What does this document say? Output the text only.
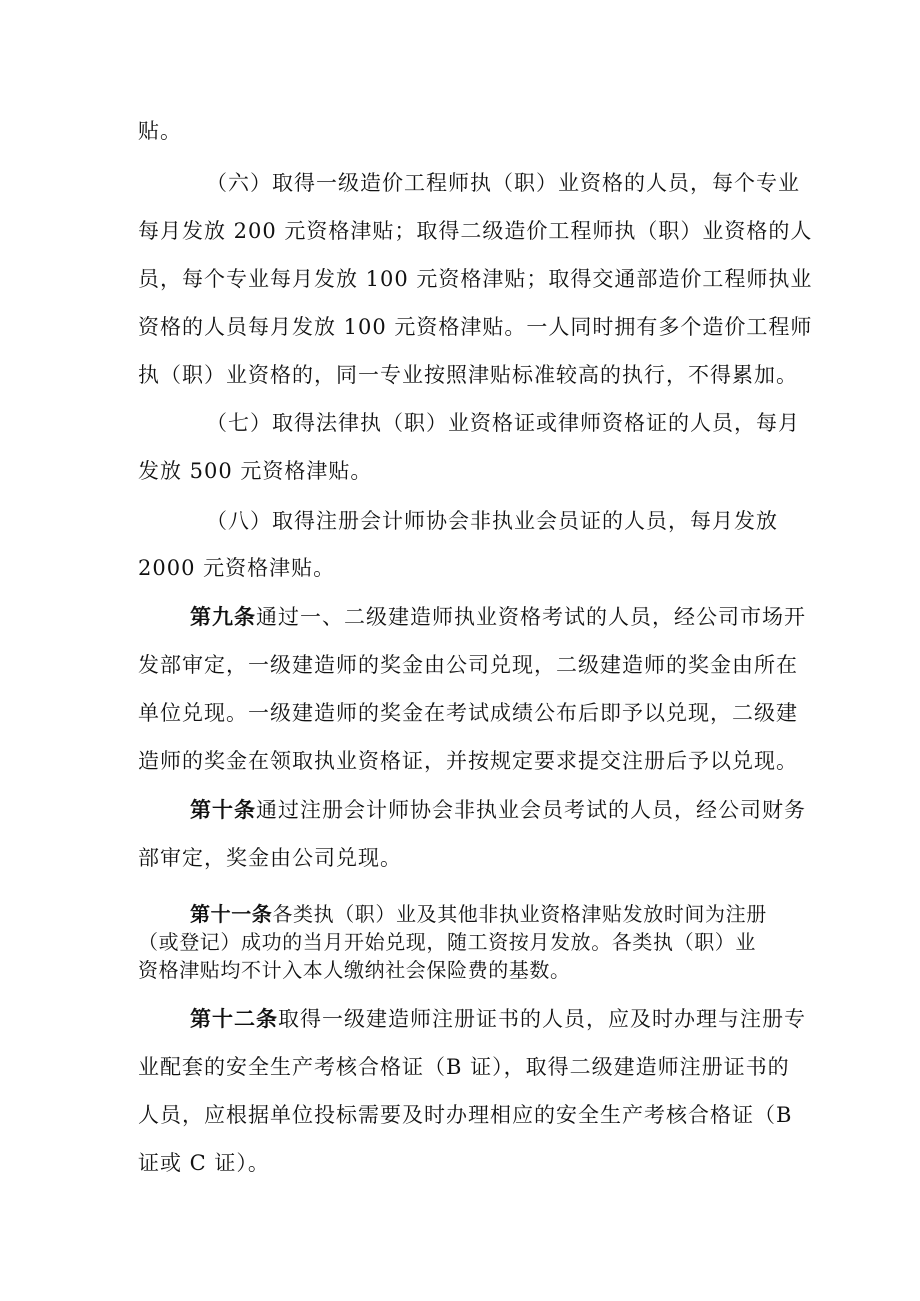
贴。
（六）取得一级造价工程师执（职）业资格的人员，每个专业
每月发放 200 元资格津贴；取得二级造价工程师执（职）业资格的人
员，每个专业每月发放 100 元资格津贴；取得交通部造价工程师执业
资格的人员每月发放 100 元资格津贴。一人同时拥有多个造价工程师
执（职）业资格的，同一专业按照津贴标准较高的执行，不得累加。
（七）取得法律执（职）业资格证或律师资格证的人员，每月
发放 500 元资格津贴。
（八）取得注册会计师协会非执业会员证的人员，每月发放
2000 元资格津贴。
第九条通过一、二级建造师执业资格考试的人员，经公司市场开
发部审定，一级建造师的奖金由公司兑现，二级建造师的奖金由所在
单位兑现。一级建造师的奖金在考试成绩公布后即予以兑现，二级建
造师的奖金在领取执业资格证，并按规定要求提交注册后予以兑现。
第十条通过注册会计师协会非执业会员考试的人员，经公司财务
部审定，奖金由公司兑现。
第十一条各类执（职）业及其他非执业资格津贴发放时间为注册
（或登记）成功的当月开始兑现，随工资按月发放。各类执（职）业
资格津贴均不计入本人缴纳社会保险费的基数。
第十二条取得一级建造师注册证书的人员，应及时办理与注册专
业配套的安全生产考核合格证（B 证），取得二级建造师注册证书的
人员，应根据单位投标需要及时办理相应的安全生产考核合格证（B
证或 C 证）。
